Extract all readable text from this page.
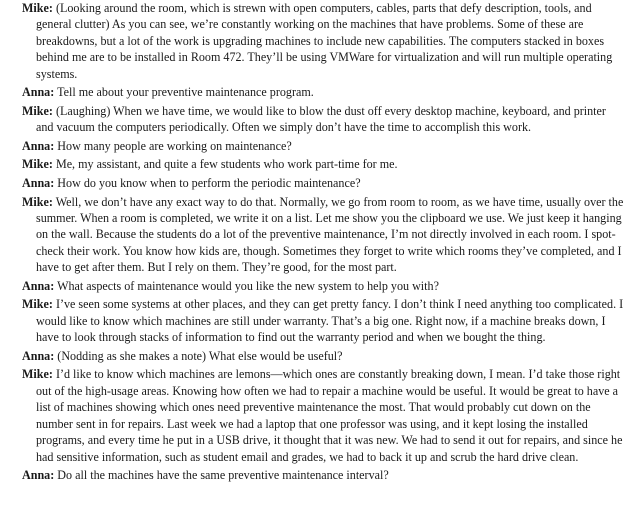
Mike: (Looking around the room, which is strewn with open computers, cables, parts that defy description, tools, and general clutter) As you can see, we’re constantly working on the machines that have problems. Some of these are breakdowns, but a lot of the work is upgrading machines to include new capabilities. The computers stacked in boxes behind me are to be installed in Room 472. They’ll be using VMWare for virtualization and will run multiple operating systems.

Anna: Tell me about your preventive maintenance program.

Mike: (Laughing) When we have time, we would like to blow the dust off every desktop machine, keyboard, and printer and vacuum the computers periodically. Often we simply don’t have the time to accomplish this work.

Anna: How many people are working on maintenance?

Mike: Me, my assistant, and quite a few students who work part-time for me.

Anna: How do you know when to perform the periodic maintenance?

Mike: Well, we don’t have any exact way to do that. Normally, we go from room to room, as we have time, usually over the summer. When a room is completed, we write it on a list. Let me show you the clipboard we use. We just keep it hanging on the wall. Because the students do a lot of the preventive maintenance, I’m not directly involved in each room. I spot-check their work. You know how kids are, though. Sometimes they forget to write which rooms they’ve completed, and I have to get after them. But I rely on them. They’re good, for the most part.

Anna: What aspects of maintenance would you like the new system to help you with?

Mike: I’ve seen some systems at other places, and they can get pretty fancy. I don’t think I need anything too complicated. I would like to know which machines are still under warranty. That’s a big one. Right now, if a machine breaks down, I have to look through stacks of information to find out the warranty period and when we bought the thing.

Anna: (Nodding as she makes a note) What else would be useful?

Mike: I’d like to know which machines are lemons—which ones are constantly breaking down, I mean. I’d take those right out of the high-usage areas. Knowing how often we had to repair a machine would be useful. It would be great to have a list of machines showing which ones need preventive maintenance the most. That would probably cut down on the number sent in for repairs. Last week we had a laptop that one professor was using, and it kept losing the installed programs, and every time he put in a USB drive, it thought that it was new. We had to send it out for repairs, and since he had sensitive information, such as student email and grades, we had to back it up and scrub the hard drive clean.

Anna: Do all the machines have the same preventive maintenance interval?
